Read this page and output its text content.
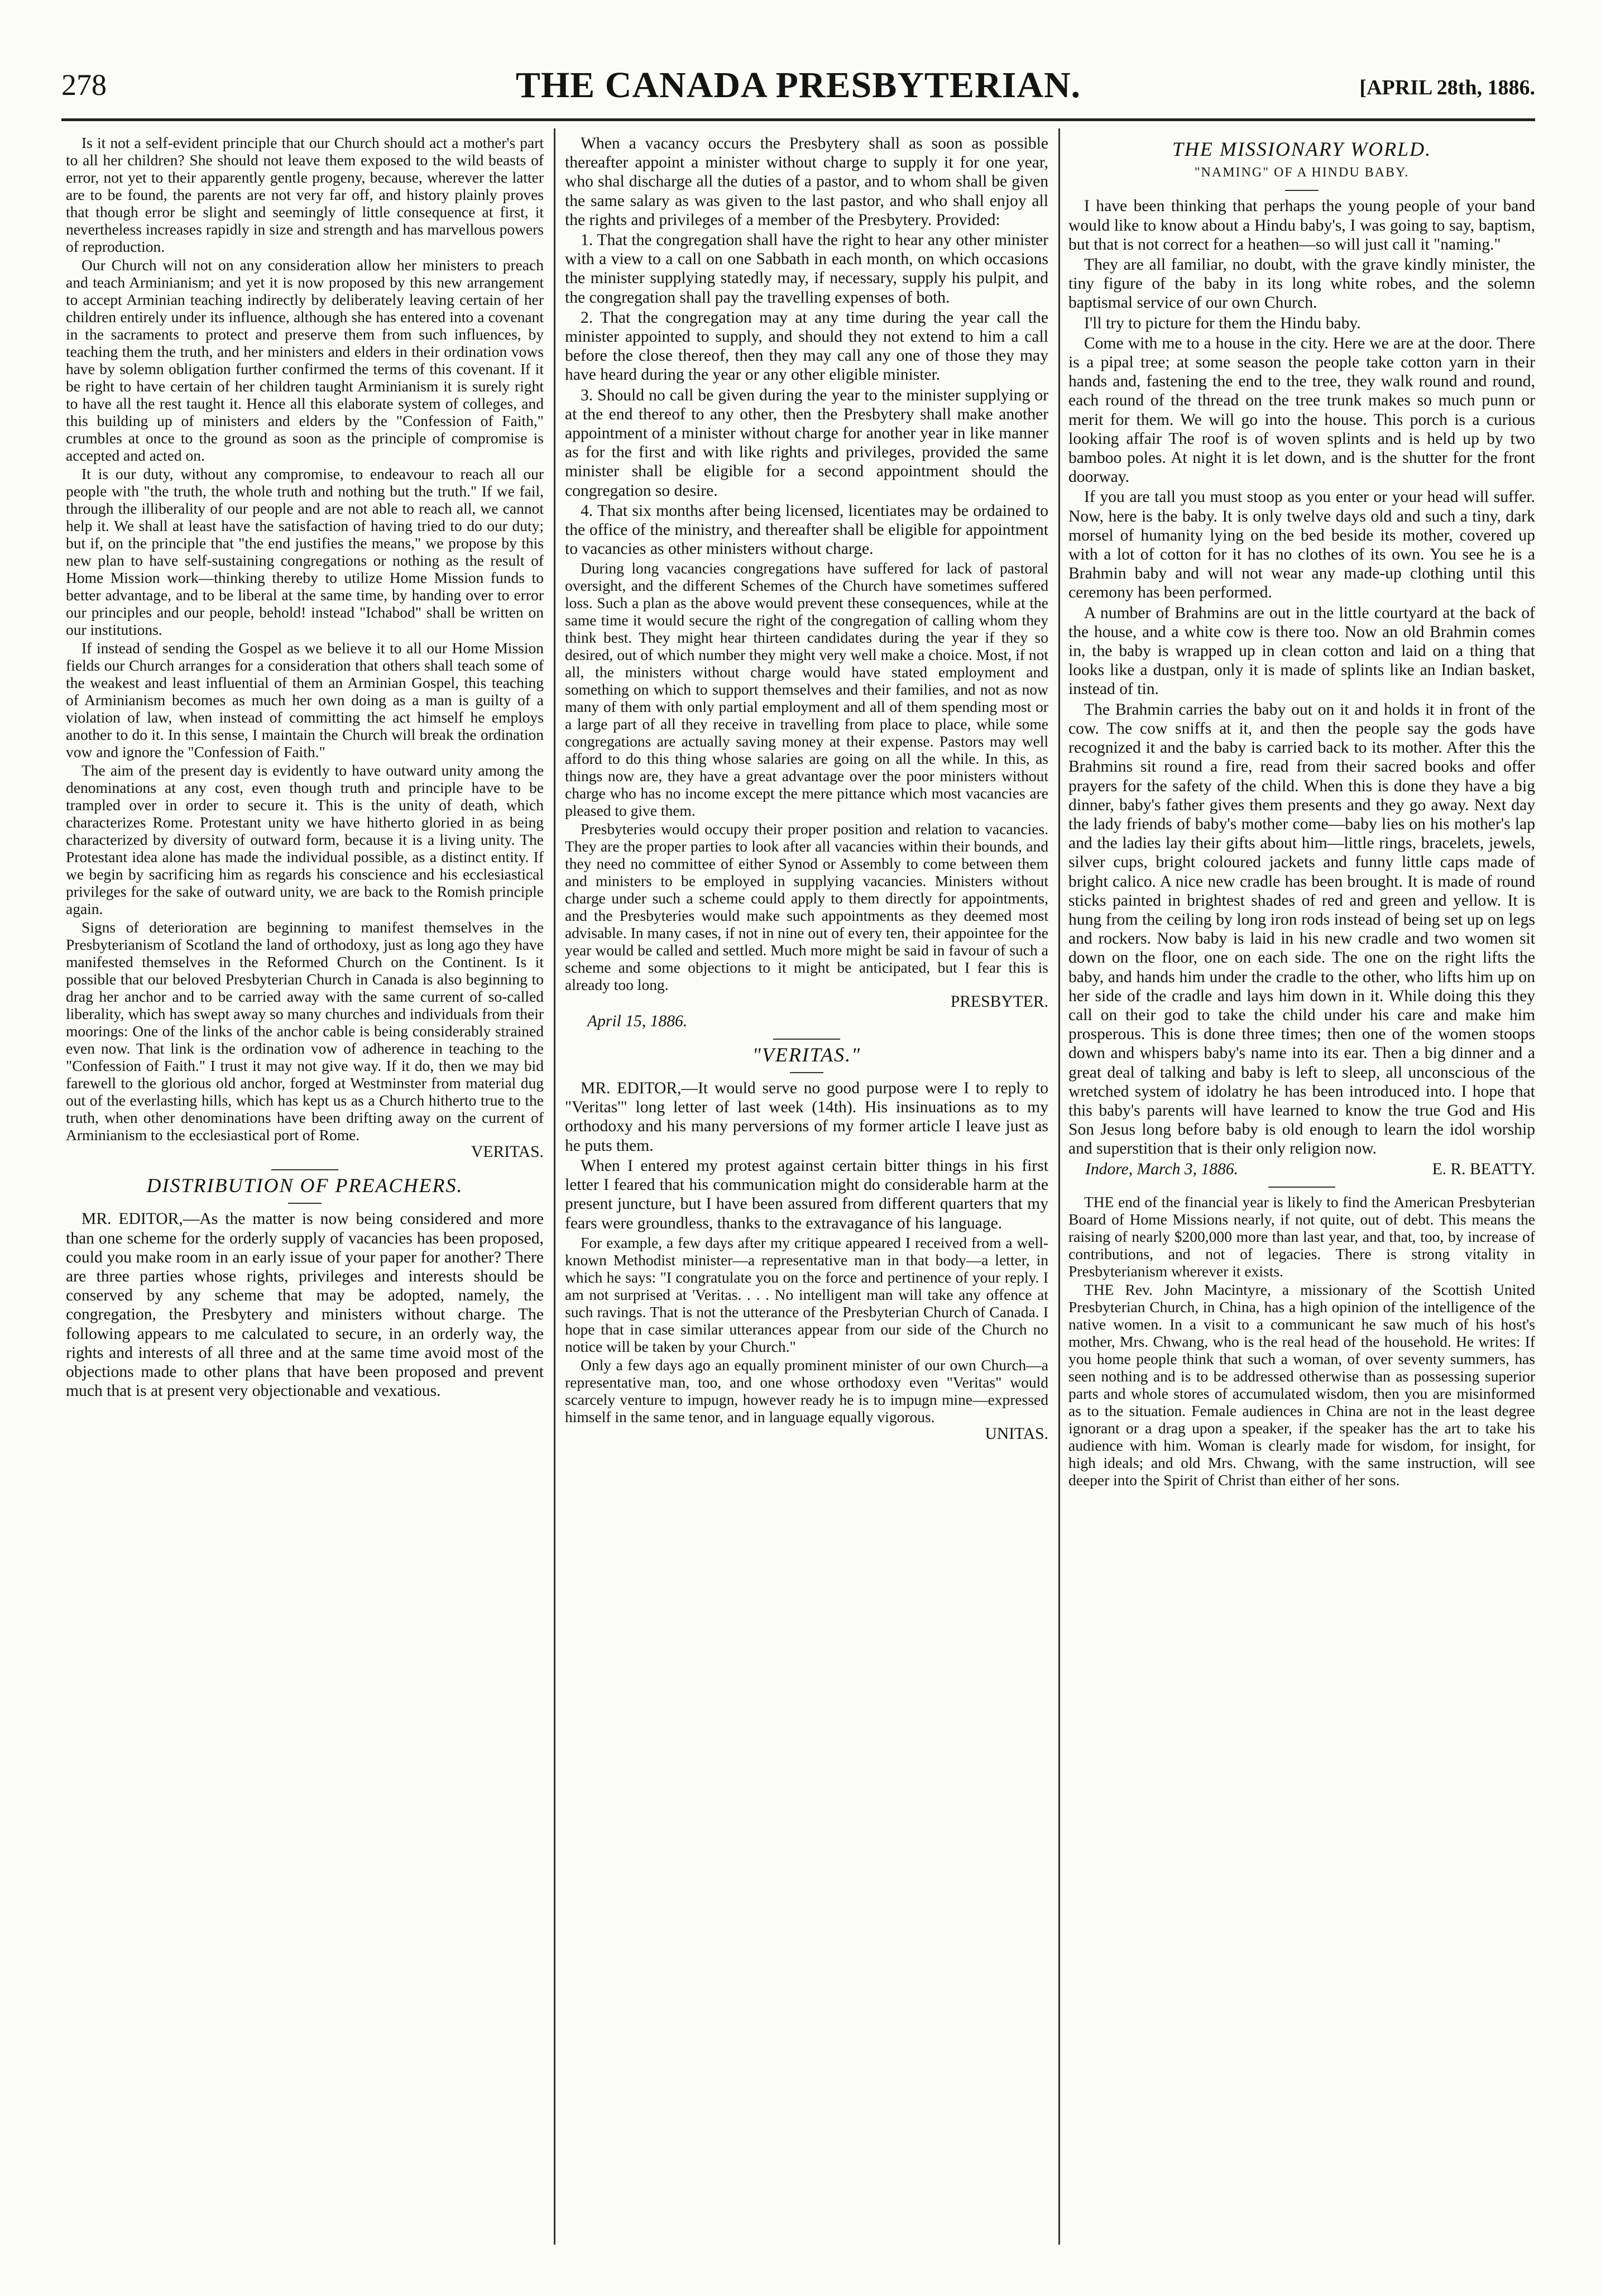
278	THE CANADA PRESBYTERIAN.	[APRIL 28th, 1886.

Is it not a self-evident principle that our Church should act a mother's part to all her children? She should not leave them exposed to the wild beasts of error, not yet to their apparently gentle progeny, because, wherever the latter are to be found, the parents are not very far off, and history plainly proves that though error be slight and seemingly of little consequence at first, it nevertheless increases rapidly in size and strength and has marvellous powers of reproduction.

Our Church will not on any consideration allow her ministers to preach and teach Arminianism; and yet it is now proposed by this new arrangement to accept Arminian teaching indirectly by deliberately leaving certain of her children entirely under its influence, although she has entered into a covenant in the sacraments to protect and preserve them from such influences, by teaching them the truth, and her ministers and elders in their ordination vows have by solemn obligation further confirmed the terms of this covenant. If it be right to have certain of her children taught Arminianism it is surely right to have all the rest taught it. Hence all this elaborate system of colleges, and this building up of ministers and elders by the "Confession of Faith," crumbles at once to the ground as soon as the principle of compromise is accepted and acted on.

It is our duty, without any compromise, to endeavour to reach all our people with "the truth, the whole truth and nothing but the truth." If we fail, through the illiberality of our people and are not able to reach all, we cannot help it. We shall at least have the satisfaction of having tried to do our duty; but if, on the principle that "the end justifies the means," we propose by this new plan to have self-sustaining congregations or nothing as the result of Home Mission work—thinking thereby to utilize Home Mission funds to better advantage, and to be liberal at the same time, by handing over to error our principles and our people, behold! instead "Ichabod" shall be written on our institutions.

If instead of sending the Gospel as we believe it to all our Home Mission fields our Church arranges for a consideration that others shall teach some of the weakest and least influential of them an Arminian Gospel, this teaching of Arminianism becomes as much her own doing as a man is guilty of a violation of law, when instead of committing the act himself he employs another to do it. In this sense, I maintain the Church will break the ordination vow and ignore the "Confession of Faith."

The aim of the present day is evidently to have outward unity among the denominations at any cost, even though truth and principle have to be trampled over in order to secure it. This is the unity of death, which characterizes Rome. Protestant unity we have hitherto gloried in as being characterized by diversity of outward form, because it is a living unity. The Protestant idea alone has made the individual possible, as a distinct entity. If we begin by sacrificing him as regards his conscience and his ecclesiastical privileges for the sake of outward unity, we are back to the Romish principle again.

Signs of deterioration are beginning to manifest themselves in the Presbyterianism of Scotland the land of orthodoxy, just as long ago they have manifested themselves in the Reformed Church on the Continent. Is it possible that our beloved Presbyterian Church in Canada is also beginning to drag her anchor and to be carried away with the same current of so-called liberality, which has swept away so many churches and individuals from their moorings: One of the links of the anchor cable is being considerably strained even now. That link is the ordination vow of adherence in teaching to the "Confession of Faith." I trust it may not give way. If it do, then we may bid farewell to the glorious old anchor, forged at Westminster from material dug out of the everlasting hills, which has kept us as a Church hitherto true to the truth, when other denominations have been drifting away on the current of Arminianism to the ecclesiastical port of Rome.

VERITAS.
DISTRIBUTION OF PREACHERS.

MR. EDITOR,—As the matter is now being considered and more than one scheme for the orderly supply of vacancies has been proposed, could you make room in an early issue of your paper for another? There are three parties whose rights, privileges and interests should be conserved by any scheme that may be adopted, namely, the congregation, the Presbytery and ministers without charge. The following appears to me calculated to secure, in an orderly way, the rights and interests of all three and at the same time avoid most of the objections made to other plans that have been proposed and prevent much that is at present very objectionable and vexatious.

When a vacancy occurs the Presbytery shall as soon as possible thereafter appoint a minister without charge to supply it for one year, who shal discharge all the duties of a pastor, and to whom shall be given the same salary as was given to the last pastor, and who shall enjoy all the rights and privileges of a member of the Presbytery. Provided:

1. That the congregation shall have the right to hear any other minister with a view to a call on one Sabbath in each month, on which occasions the minister supplying statedly may, if necessary, supply his pulpit, and the congregation shall pay the travelling expenses of both.

2. That the congregation may at any time during the year call the minister appointed to supply, and should they not extend to him a call before the close thereof, then they may call any one of those they may have heard during the year or any other eligible minister.

3. Should no call be given during the year to the minister supplying or at the end thereof to any other, then the Presbytery shall make another appointment of a minister without charge for another year in like manner as for the first and with like rights and privileges, provided the same minister shall be eligible for a second appointment should the congregation so desire.

4. That six months after being licensed, licentiates may be ordained to the office of the ministry, and thereafter shall be eligible for appointment to vacancies as other ministers without charge.

During long vacancies congregations have suffered for lack of pastoral oversight, and the different Schemes of the Church have sometimes suffered loss. Such a plan as the above would prevent these consequences, while at the same time it would secure the right of the congregation of calling whom they think best. They might hear thirteen candidates during the year if they so desired, out of which number they might very well make a choice. Most, if not all, the ministers without charge would have stated employment and something on which to support themselves and their families, and not as now many of them with only partial employment and all of them spending most or a large part of all they receive in travelling from place to place, while some congregations are actually saving money at their expense. Pastors may well afford to do this thing whose salaries are going on all the while. In this, as things now are, they have a great advantage over the poor ministers without charge who has no income except the mere pittance which most vacancies are pleased to give them.

Presbyteries would occupy their proper position and relation to vacancies. They are the proper parties to look after all vacancies within their bounds, and they need no committee of either Synod or Assembly to come between them and ministers to be employed in supplying vacancies. Ministers without charge under such a scheme could apply to them directly for appointments, and the Presbyteries would make such appointments as they deemed most advisable. In many cases, if not in nine out of every ten, their appointee for the year would be called and settled. Much more might be said in favour of such a scheme and some objections to it might be anticipated, but I fear this is already too long.

PRESBYTER.
April 15, 1886.
"VERITAS."

MR. EDITOR,—It would serve no good purpose were I to reply to "Veritas'" long letter of last week (14th). His insinuations as to my orthodoxy and his many perversions of my former article I leave just as he puts them.

When I entered my protest against certain bitter things in his first letter I feared that his communication might do considerable harm at the present juncture, but I have been assured from different quarters that my fears were groundless, thanks to the extravagance of his language.

For example, a few days after my critique appeared I received from a well-known Methodist minister—a representative man in that body—a letter, in which he says: "I congratulate you on the force and pertinence of your reply. I am not surprised at 'Veritas. . . . No intelligent man will take any offence at such ravings. That is not the utterance of the Presbyterian Church of Canada. I hope that in case similar utterances appear from our side of the Church no notice will be taken by your Church."

Only a few days ago an equally prominent minister of our own Church—a representative man, too, and one whose orthodoxy even "Veritas" would scarcely venture to impugn, however ready he is to impugn mine—expressed himself in the same tenor, and in language equally vigorous.

UNITAS.
THE MISSIONARY WORLD.
"NAMING" OF A HINDU BABY.

I have been thinking that perhaps the young people of your band would like to know about a Hindu baby's, I was going to say, baptism, but that is not correct for a heathen—so will just call it "naming."

They are all familiar, no doubt, with the grave kindly minister, the tiny figure of the baby in its long white robes, and the solemn baptismal service of our own Church.

I'll try to picture for them the Hindu baby.

Come with me to a house in the city. Here we are at the door. There is a pipal tree; at some season the people take cotton yarn in their hands and, fastening the end to the tree, they walk round and round, each round of the thread on the tree trunk makes so much punn or merit for them. We will go into the house. This porch is a curious looking affair The roof is of woven splints and is held up by two bamboo poles. At night it is let down, and is the shutter for the front doorway.

If you are tall you must stoop as you enter or your head will suffer. Now, here is the baby. It is only twelve days old and such a tiny, dark morsel of humanity lying on the bed beside its mother, covered up with a lot of cotton for it has no clothes of its own. You see he is a Brahmin baby and will not wear any made-up clothing until this ceremony has been performed.

A number of Brahmins are out in the little courtyard at the back of the house, and a white cow is there too. Now an old Brahmin comes in, the baby is wrapped up in clean cotton and laid on a thing that looks like a dustpan, only it is made of splints like an Indian basket, instead of tin.

The Brahmin carries the baby out on it and holds it in front of the cow. The cow sniffs at it, and then the people say the gods have recognized it and the baby is carried back to its mother. After this the Brahmins sit round a fire, read from their sacred books and offer prayers for the safety of the child. When this is done they have a big dinner, baby's father gives them presents and they go away. Next day the lady friends of baby's mother come—baby lies on his mother's lap and the ladies lay their gifts about him—little rings, bracelets, jewels, silver cups, bright coloured jackets and funny little caps made of bright calico. A nice new cradle has been brought. It is made of round sticks painted in brightest shades of red and green and yellow. It is hung from the ceiling by long iron rods instead of being set up on legs and rockers. Now baby is laid in his new cradle and two women sit down on the floor, one on each side. The one on the right lifts the baby, and hands him under the cradle to the other, who lifts him up on her side of the cradle and lays him down in it. While doing this they call on their god to take the child under his care and make him prosperous. This is done three times; then one of the women stoops down and whispers baby's name into its ear. Then a big dinner and a great deal of talking and baby is left to sleep, all unconscious of the wretched system of idolatry he has been introduced into. I hope that this baby's parents will have learned to know the true God and His Son Jesus long before baby is old enough to learn the idol worship and superstition that is their only religion now.

Indore, March 3, 1886.	E. R. BEATTY.

THE end of the financial year is likely to find the American Presbyterian Board of Home Missions nearly, if not quite, out of debt. This means the raising of nearly $200,000 more than last year, and that, too, by increase of contributions, and not of legacies. There is strong vitality in Presbyterianism wherever it exists.

THE Rev. John Macintyre, a missionary of the Scottish United Presbyterian Church, in China, has a high opinion of the intelligence of the native women. In a visit to a communicant he saw much of his host's mother, Mrs. Chwang, who is the real head of the household. He writes: If you home people think that such a woman, of over seventy summers, has seen nothing and is to be addressed otherwise than as possessing superior parts and whole stores of accumulated wisdom, then you are misinformed as to the situation. Female audiences in China are not in the least degree ignorant or a drag upon a speaker, if the speaker has the art to take his audience with him. Woman is clearly made for wisdom, for insight, for high ideals; and old Mrs. Chwang, with the same instruction, will see deeper into the Spirit of Christ than either of her sons.
